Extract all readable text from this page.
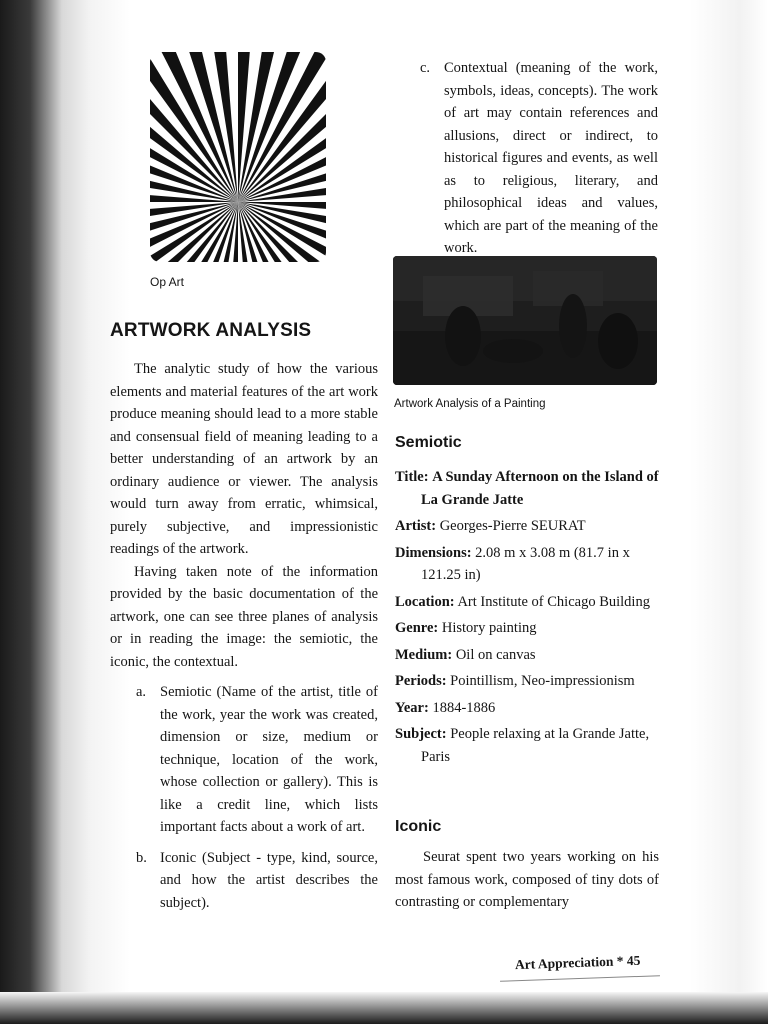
Op Art
ARTWORK ANALYSIS

The analytic study of how the various elements and material features of the art work produce meaning should lead to a more stable and consensual field of meaning leading to a better understanding of an artwork by an ordinary audience or viewer. The analysis would turn away from erratic, whimsical, purely subjective, and impressionistic readings of the artwork.

Having taken note of the information provided by the basic documentation of the artwork, one can see three planes of analysis or in reading the image: the semiotic, the iconic, the contextual.

a. Semiotic (Name of the artist, title of the work, year the work was created, dimension or size, medium or technique, location of the work, whose collection or gallery). This is like a credit line, which lists important facts about a work of art.
b. Iconic (Subject - type, kind, source, and how the artist describes the subject).
c. Contextual (meaning of the work, symbols, ideas, concepts). The work of art may contain references and allusions, direct or indirect, to historical figures and events, as well as to religious, literary, and philosophical ideas and values, which are part of the meaning of the work.
Artwork Analysis of a Painting
Semiotic

Title: A Sunday Afternoon on the Island of La Grande Jatte

Artist: Georges-Pierre SEURAT

Dimensions: 2.08 m x 3.08 m (81.7 in x 121.25 in)

Location: Art Institute of Chicago Building

Genre: History painting

Medium: Oil on canvas

Periods: Pointillism, Neo-impressionism

Year: 1884-1886

Subject: People relaxing at la Grande Jatte, Paris

Iconic

Seurat spent two years working on his most famous work, composed of tiny dots of contrasting or complementary

Art Appreciation * 45
